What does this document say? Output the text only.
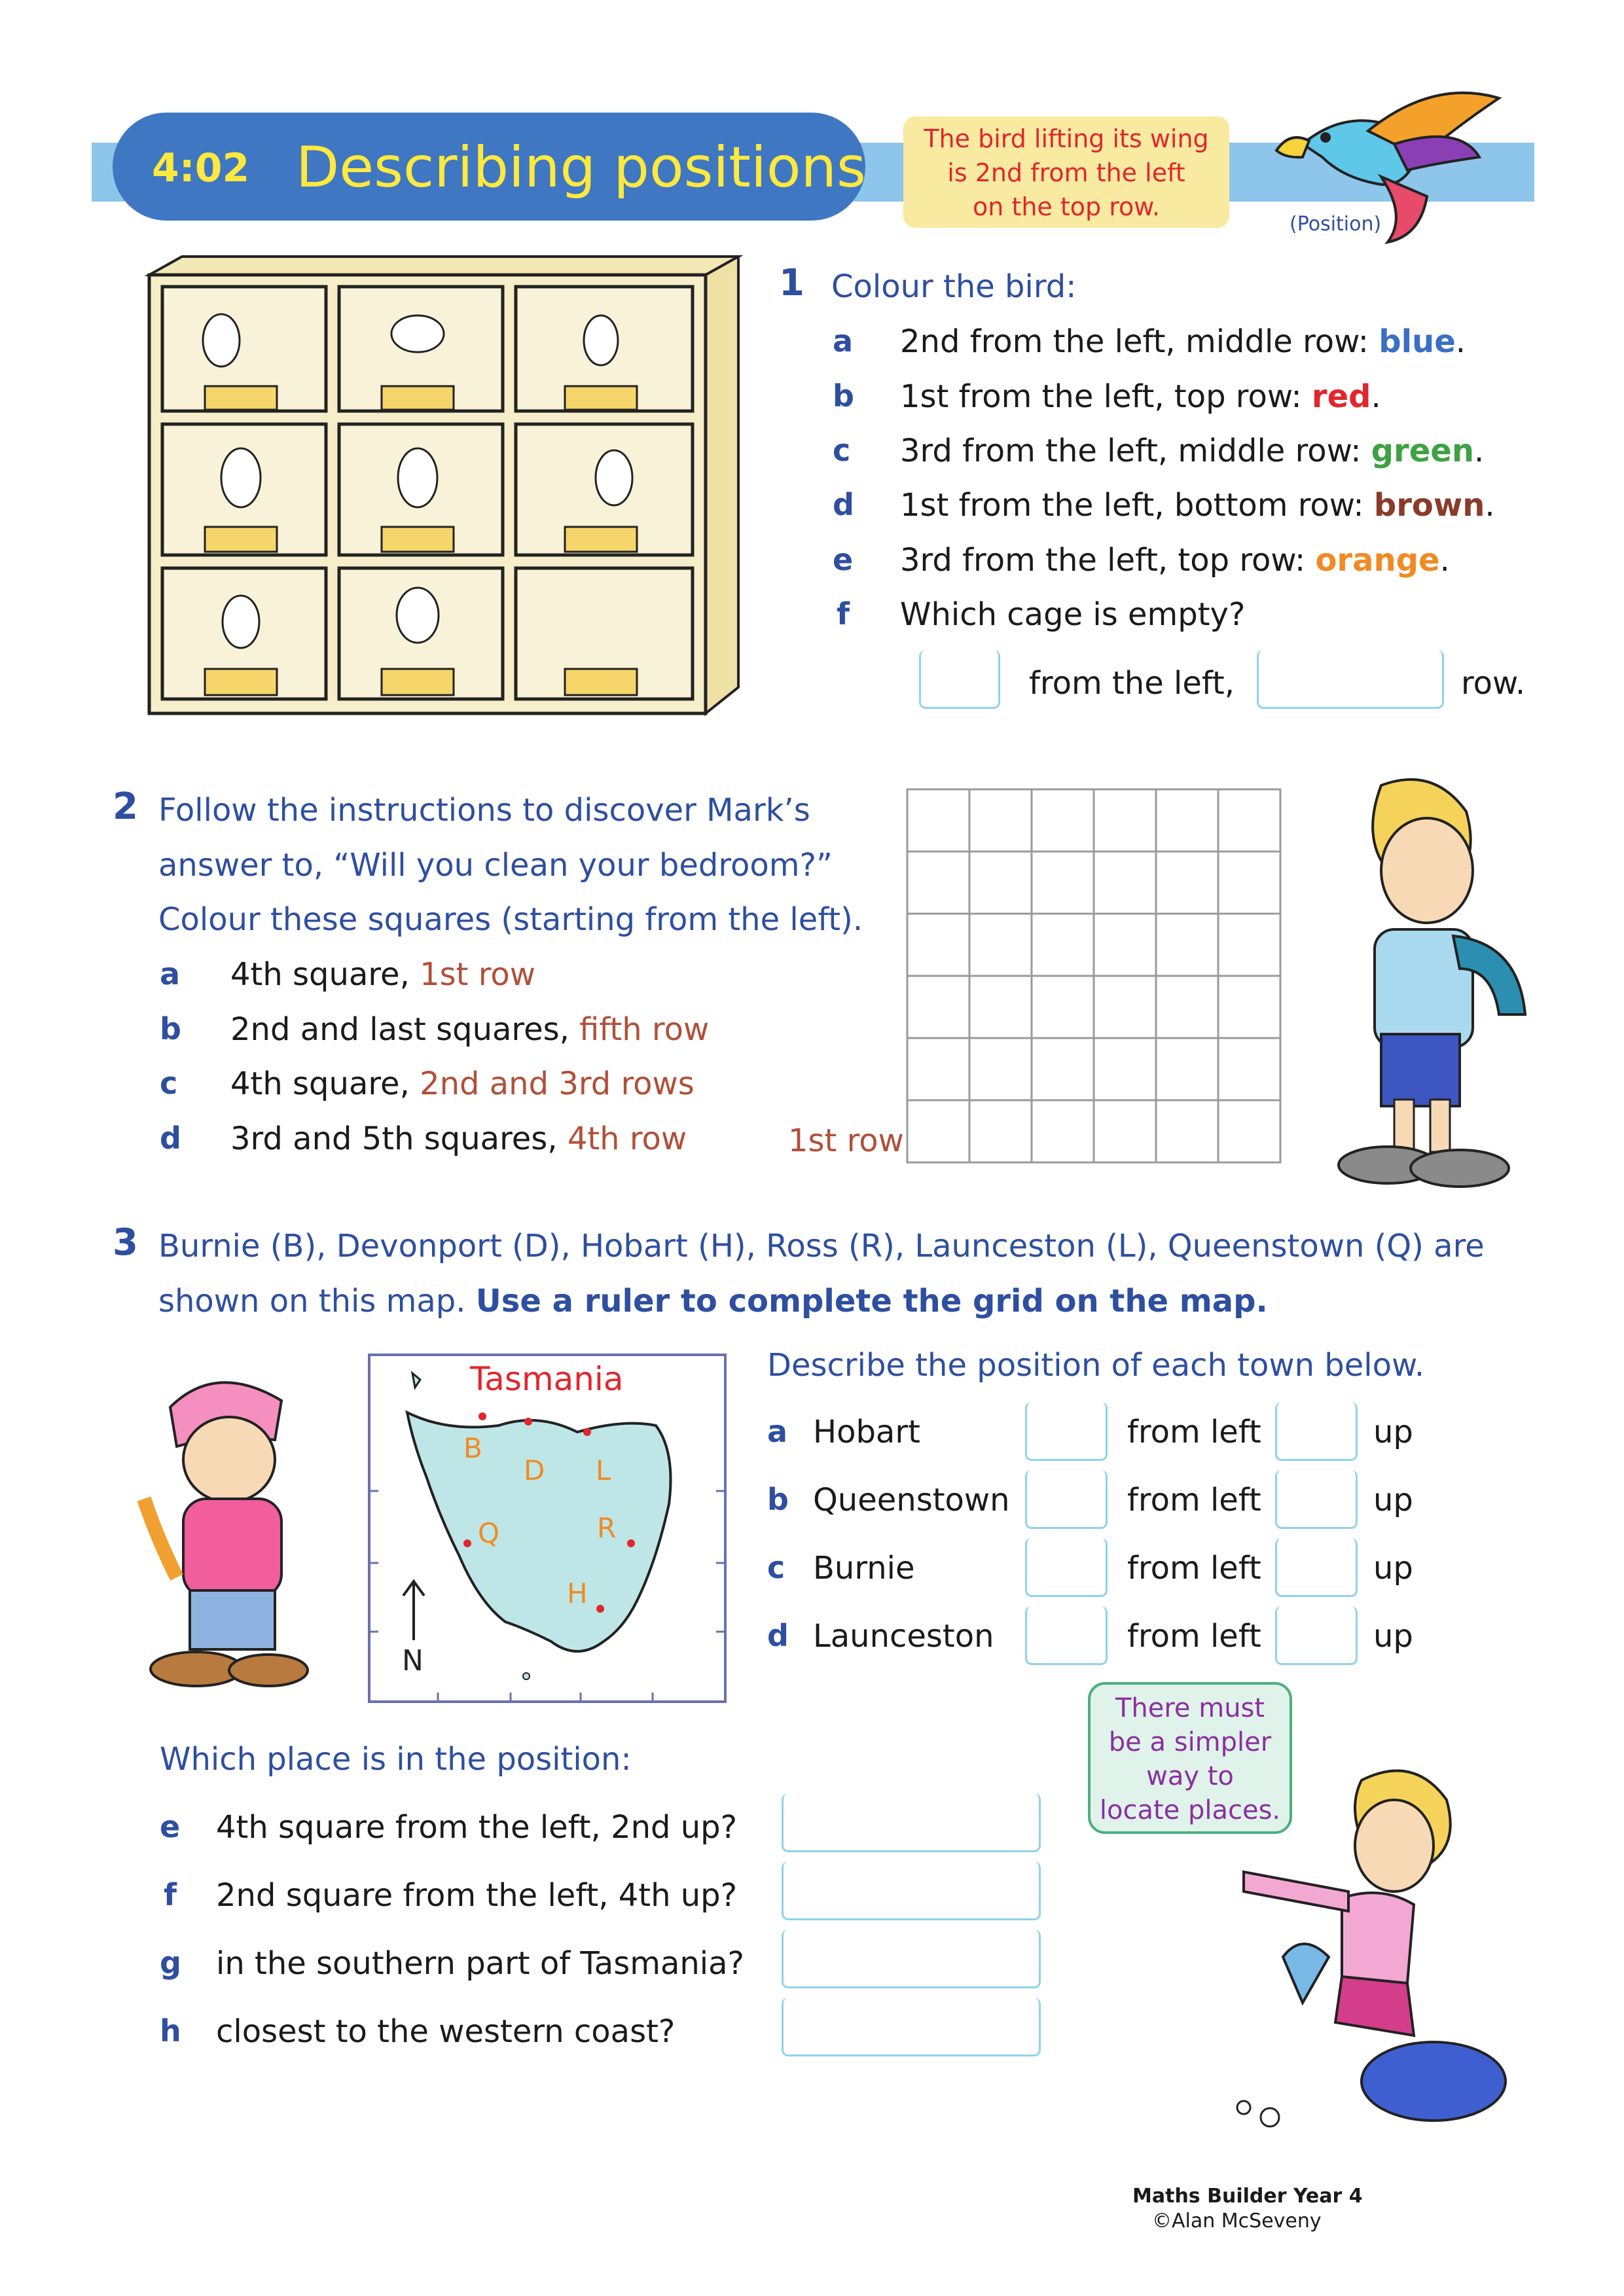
4:02 Describing positions	The bird lifting its wing
is 2nd from the left
on the top row.
(Position)
1 Colour the bird:
a 2nd from the left, middle row: blue.
b 1st from the left, top row: red.
c 3rd from the left, middle row: green.
d 1st from the left, bottom row: brown.
e 3rd from the left, top row: orange.
f Which cage is empty?
from the left,	row.
2 Follow the instructions to discover Mark’s
answer to, “Will you clean your bedroom?”
Colour these squares (starting from the left).
a 4th square, 1st row
b 2nd and last squares, fifth row
c 4th square, 2nd and 3rd rows
d 3rd and 5th squares, 4th row	1st row
3 Burnie (B), Devonport (D), Hobart (H), Ross (R), Launceston (L), Queenstown (Q) are
shown on this map. Use a ruler to complete the grid on the map.
Tasmania
B
D L
Q	R
H
N
Describe the position of each town below.
a Hobart	from left	up
b Queenstown	from left	up
c Burnie	from left	up
d Launceston	from left	up
Which place is in the position:
e 4th square from the left, 2nd up?
f 2nd square from the left, 4th up?
g in the southern part of Tasmania?
h closest to the western coast?
There must
be a simpler
way to
locate places.
Maths Builder Year 4
©Alan McSeveny
